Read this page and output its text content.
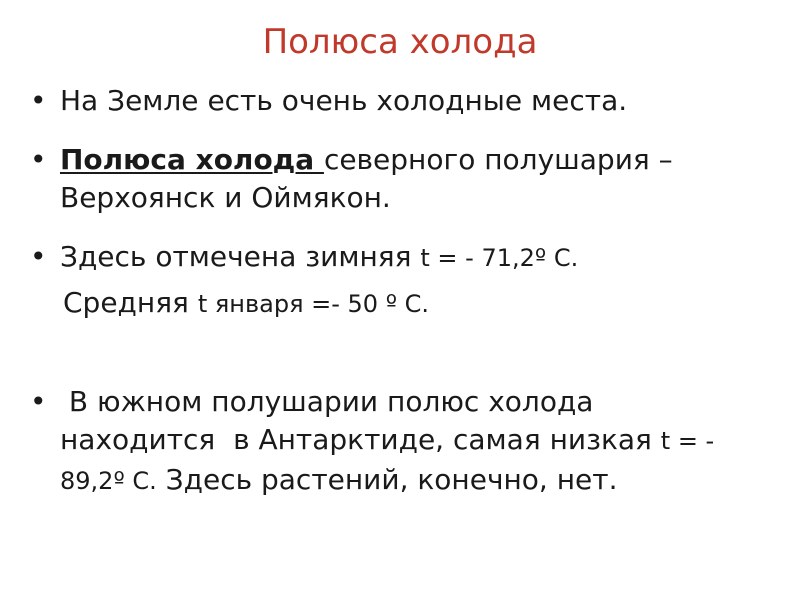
Полюса холода
• На Земле есть очень холодные места.
• Полюса холода северного полушария –
Верхоянск и Оймякон.
• Здесь отмечена зимняя t = - 71,2º С.
Средняя t января =- 50 º С.
• В южном полушарии полюс холода
находится  в Антарктиде, самая низкая t = -
89,2º С. Здесь растений, конечно, нет.
